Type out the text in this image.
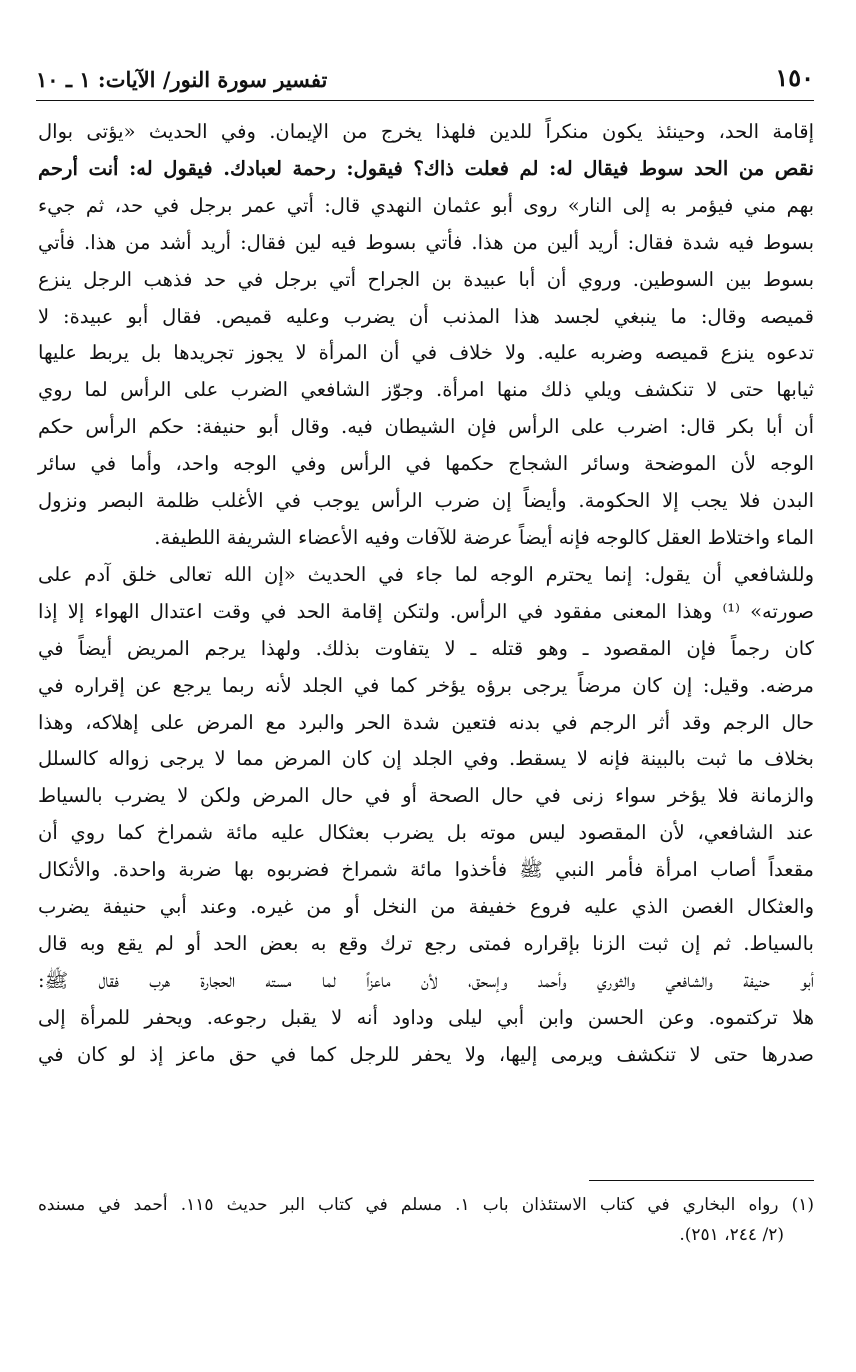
١٥٠
تفسير سورة النور/ الآيات: ١ ـ ١٠

إقامة الحد، وحينئذ يكون منكراً للدين فلهذا يخرج من الإيمان. وفي الحديث «يؤتى بوال

نقص من الحد سوط فيقال له: لم فعلت ذاك؟ فيقول: رحمة لعبادك. فيقول له: أنت أرحم

بهم مني فيؤمر به إلى النار» روى أبو عثمان النهدي قال: أتي عمر برجل في حد، ثم جيء

بسوط فيه شدة فقال: أريد ألين من هذا. فأتي بسوط فيه لين فقال: أريد أشد من هذا. فأتي

بسوط بين السوطين. وروي أن أبا عبيدة بن الجراح أتي برجل في حد فذهب الرجل ينزع

قميصه وقال: ما ينبغي لجسد هذا المذنب أن يضرب وعليه قميص. فقال أبو عبيدة: لا

تدعوه ينزع قميصه وضربه عليه. ولا خلاف في أن المرأة لا يجوز تجريدها بل يربط عليها

ثيابها حتى لا تنكشف ويلي ذلك منها امرأة. وجوّز الشافعي الضرب على الرأس لما روي

أن أبا بكر قال: اضرب على الرأس فإن الشيطان فيه. وقال أبو حنيفة: حكم الرأس حكم

الوجه لأن الموضحة وسائر الشجاج حكمها في الرأس وفي الوجه واحد، وأما في سائر

البدن فلا يجب إلا الحكومة. وأيضاً إن ضرب الرأس يوجب في الأغلب ظلمة البصر ونزول

الماء واختلاط العقل كالوجه فإنه أيضاً عرضة للآفات وفيه الأعضاء الشريفة اللطيفة.

وللشافعي أن يقول: إنما يحترم الوجه لما جاء في الحديث «إن الله تعالى خلق آدم على

صورته» ⁽¹⁾ وهذا المعنى مفقود في الرأس. ولتكن إقامة الحد في وقت اعتدال الهواء إلا إذا

كان رجماً فإن المقصود ـ وهو قتله ـ لا يتفاوت بذلك. ولهذا يرجم المريض أيضاً في

مرضه. وقيل: إن كان مرضاً يرجى برؤه يؤخر كما في الجلد لأنه ربما يرجع عن إقراره في

حال الرجم وقد أثر الرجم في بدنه فتعين شدة الحر والبرد مع المرض على إهلاكه، وهذا

بخلاف ما ثبت بالبينة فإنه لا يسقط. وفي الجلد إن كان المرض مما لا يرجى زواله كالسلل

والزمانة فلا يؤخر سواء زنى في حال الصحة أو في حال المرض ولكن لا يضرب بالسياط

عند الشافعي، لأن المقصود ليس موته بل يضرب بعثكال عليه مائة شمراخ كما روي أن

مقعداً أصاب امرأة فأمر النبي ﷺ فأخذوا مائة شمراخ فضربوه بها ضربة واحدة. والأثكال

والعثكال الغصن الذي عليه فروع خفيفة من النخل أو من غيره. وعند أبي حنيفة يضرب

بالسياط. ثم إن ثبت الزنا بإقراره فمتى رجع ترك وقع به بعض الحد أو لم يقع وبه قال

أبو حنيفة والشافعي والثوري وأحمد وإسحق، لأن ماعزاً لما مسته الحجارة هرب فقال ﷺ:

هلا تركتموه. وعن الحسن وابن أبي ليلى وداود أنه لا يقبل رجوعه. ويحفر للمرأة إلى

صدرها حتى لا تنكشف ويرمى إليها، ولا يحفر للرجل كما في حق ماعز إذ لو كان في

(١) رواه البخاري في كتاب الاستئذان باب ١. مسلم في كتاب البر حديث ١١٥. أحمد في مسنده

(٢/ ٢٤٤، ٢٥١).
